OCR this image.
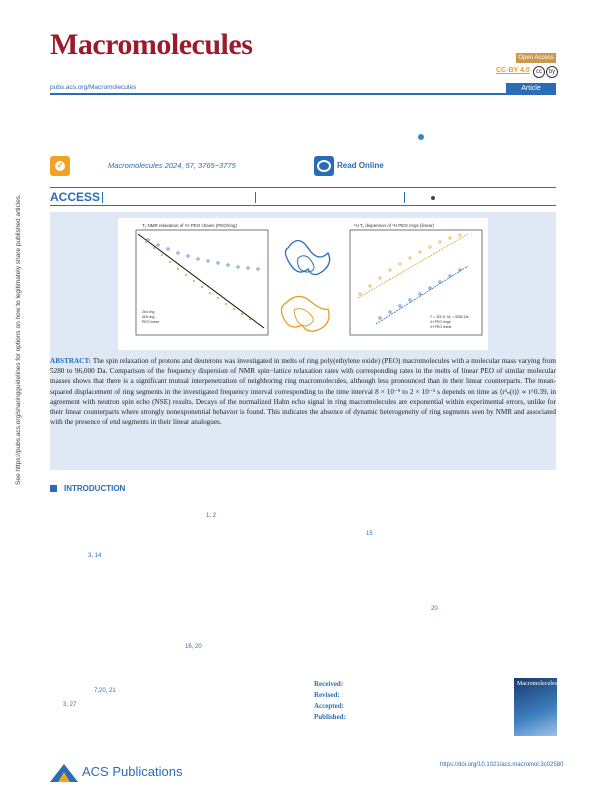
Macromolecules	Open Access
CC-BY 4.0	cc	by
pubs.acs.org/Macromolecules	Article
✓	Macromolecules 2024, 57, 3765−3775	Read Online
ACCESS
See https://pubs.acs.org/sharingguidelines for options on how to legitimately share published articles.	T₁ NMR relaxation of ¹H PEO chains (PEO/ring)
2k4 ring
4k5 ring
PEO linear
¹H T₁ dispersion of ¹H PEO rings (linear)
T = 320 K, M₁ = 5280 Da
¹H PEO rings
¹H PEO linear
ABSTRACT: The spin relaxation of protons and deuterons was investigated in melts of ring poly(ethylene oxide) (PEO) macromolecules with a molecular mass varying from 5280 to 96,000 Da. Comparison of the frequency dispersion of NMR spin−lattice relaxation rates with corresponding rates in the melts of linear PEO of similar molecular masses shows that there is a significant mutual interpenetration of neighboring ring macromolecules, although less pronounced than in their linear counterparts. The mean-squared displacement of ring segments in the investigated frequency interval corresponding to the time interval 8 × 10⁻⁹ to 2 × 10⁻⁵ s depends on time as ⟨r²ₙ(t)⟩ ∝ t^0.39, in agreement with neutron spin echo (NSE) results. Decays of the normalized Hahn echo signal in ring macromolecules are exponential within experimental errors, unlike for their linear counterparts where strongly nonexponential behavior is found. This indicates the absence of dynamic heterogeneity of ring segments seen by NMR and associated with the presence of end segments in their linear analogues.
INTRODUCTION
1, 2
15
3, 14
20
16, 20
7,20, 21
3, 27
Received:
Revised:
Accepted:
Published:
Macromolecules
ACS Publications	https://doi.org/10.1021/acs.macromol.3c02580
